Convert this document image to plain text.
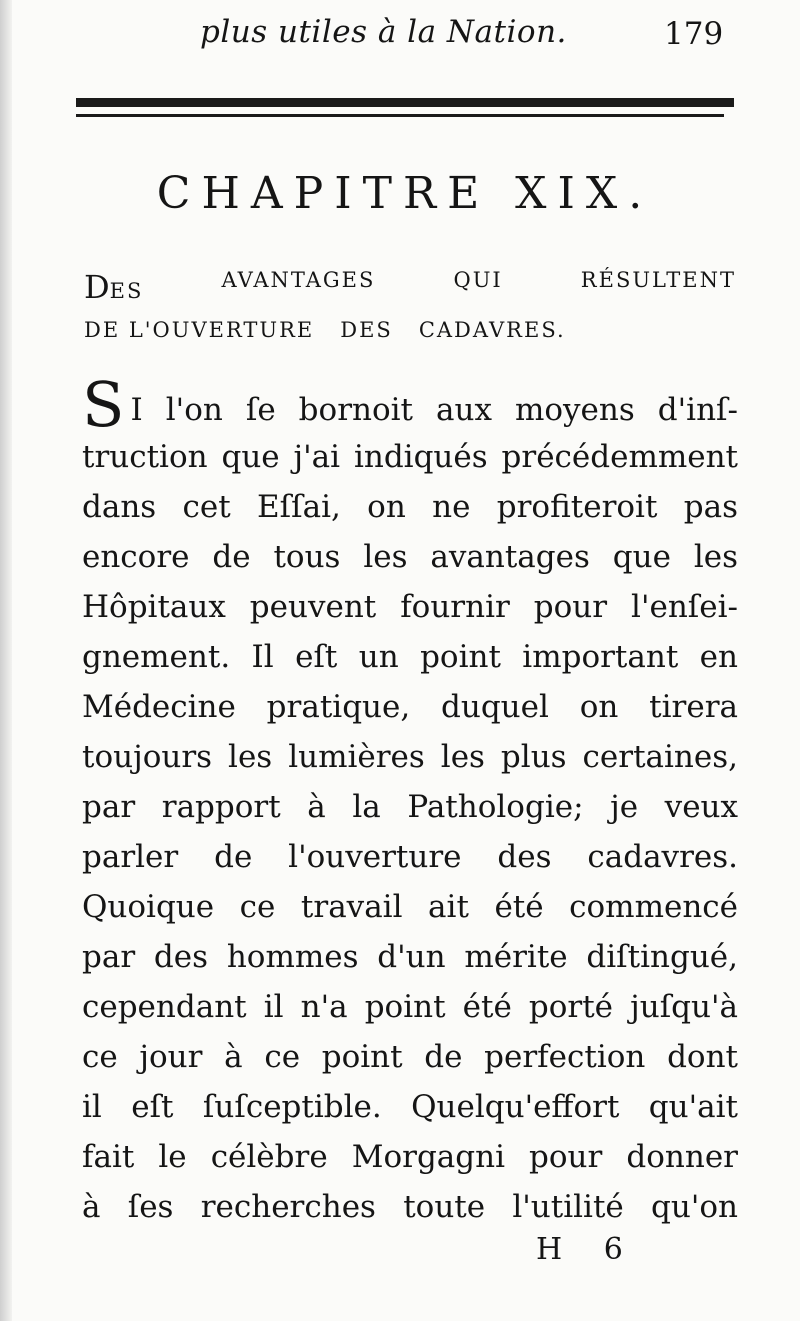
plus utiles à la Nation.	179
CHAPITRE XIX.
DES	AVANTAGES	QUI	RÉSULTENT
DE L'OUVERTURE DES CADAVRES.
S I l'on ſe bornoit aux moyens d'inſ-
truction que j'ai indiqués précédemment
dans cet Eſſai, on ne profiteroit pas
encore de tous les avantages que les
Hôpitaux peuvent fournir pour l'enſei-
gnement. Il eſt un point important en
Médecine pratique, duquel on tirera
toujours les lumières les plus certaines,
par rapport à la Pathologie; je veux
parler de l'ouverture des cadavres.
Quoique ce travail ait été commencé
par des hommes d'un mérite diſtingué,
cependant il n'a point été porté juſqu'à
ce jour à ce point de perfection dont
il eſt ſuſceptible. Quelqu'effort qu'ait
fait le célèbre Morgagni pour donner
à ſes recherches toute l'utilité qu'on
H 6
